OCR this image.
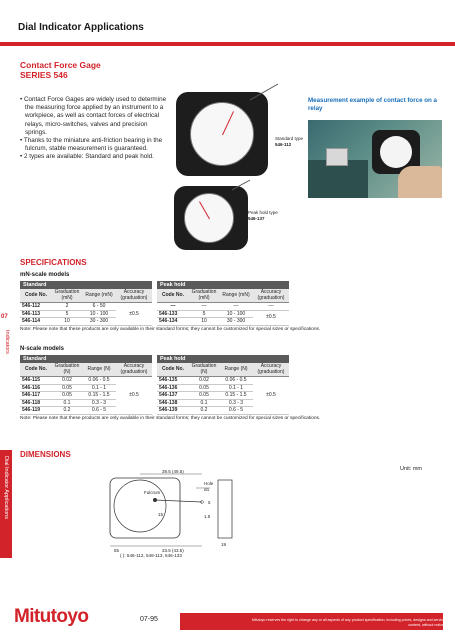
Dial Indicator Applications
07
Indicators
Dial Indicator Applications
Contact Force Gage
SERIES 546
• Contact Force Gages are widely used to determine the measuring force applied by an instrument to a workpiece, as well as contact forces of electrical relays, micro-switches, valves and precision springs.
• Thanks to the miniature anti-friction bearing in the fulcrum, stable measurement is guaranteed.
• 2 types are available: Standard and peak hold.
Standard type
546-112
Peak hold type
546-137
Measurement example of contact force on a relay
SPECIFICATIONS
mN-scale models
Standard	Peak hold
Code No.	Graduation (mN)	Range (mN)	Accuracy (graduation)
546-112	2	6 - 50	±0.5
546-113	5	10 - 100	
546-114	10	30 - 300	
Code No.	Graduation (mN)	Range (mN)	Accuracy (graduation)
—	—	—	—
546-133	5	10 - 100	±0.5
546-134	10	30 - 300	
Note: Please note that these products are only available in their standard forms; they cannot be customized for special sizes or specifications.
N-scale models
Standard	Peak hold
Code No.	Graduation (N)	Range (N)	Accuracy (graduation)
546-115	0.02	0.06 - 0.5	±0.5
546-116	0.05	0.1 - 1	
546-117	0.05	0.15 - 1.5	
546-118	0.1	0.3 - 3	
546-119	0.2	0.6 - 5	
Code No.	Graduation (N)	Range (N)	Accuracy (graduation)
546-135	0.02	0.06 - 0.5	±0.5
546-136	0.05	0.1 - 1	
546-137	0.05	0.15 - 1.5	
546-138	0.1	0.3 - 3	
546-139	0.2	0.6 - 5	
Note: Please note that these products are only available in their standard forms; they cannot be customized for special sizes or specifications.
DIMENSIONS
Unit: mm
39.5 (49.5)
33.5 (43.5)
55
19
Fulcrum
Hole
ø1
15	1.5
5
( ): 546-112, 546-113, 546-133
Mitutoyo	07-95	Mitutoyo reserves the right to change any or all aspects of any product specification, including prices, designs and service content, without notice.
